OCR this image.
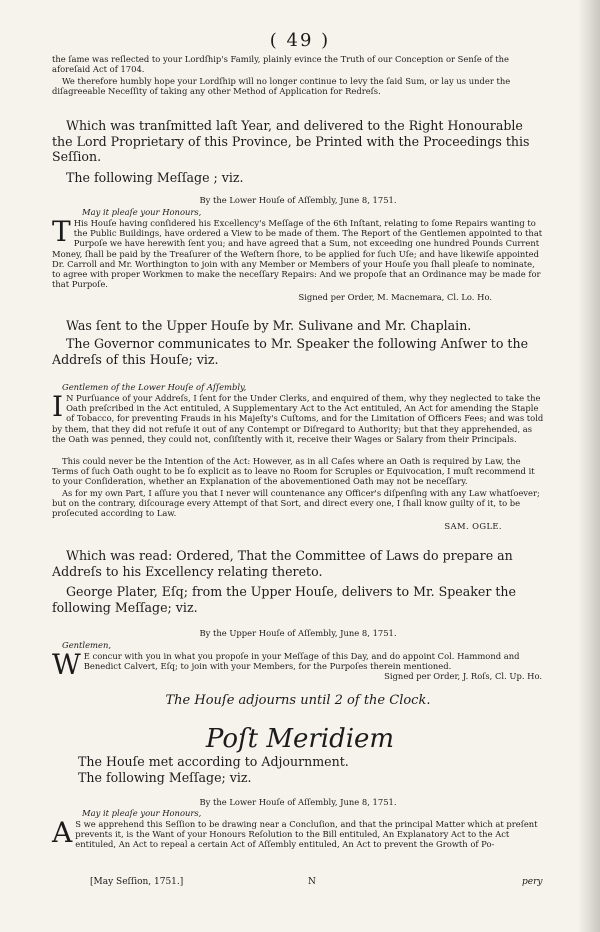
( 49 )

the ſame was reſlected to your Lordſhip's Family, plainly evince the Truth of our Conception or Senſe of the aforeſaid Act of 1704.

We therefore humbly hope your Lordſhip will no longer continue to levy the ſaid Sum, or lay us under the diſagreeable Neceſſity of taking any other Method of Application for Redreſs.

Which was tranſmitted laſt Year, and delivered to the Right Honourable the Lord Proprietary of this Province, be Printed with the Proceedings this Seſſion.

The following Meſſage ; viz.

By the Lower Houſe of Aſſembly, June 8, 1751.

May it pleaſe your Honours,

T His Houſe having conſidered his Excellency's Meſſage of the 6th Inſtant, relating to ſome Repairs wanting to the Public Buildings, have ordered a View to be made of them. The Report of the Gentlemen appointed to that Purpoſe we have herewith ſent you; and have agreed that a Sum, not exceeding one hundred Pounds Current Money, ſhall be paid by the Treaſurer of the Weſtern ſhore, to be applied for ſuch Uſe; and have likewiſe appointed Dr. Carroll and Mr. Worthington to join with any Member or Members of your Houſe you ſhall pleaſe to nominate, to agree with proper Workmen to make the neceſſary Repairs: And we propoſe that an Ordinance may be made for that Purpoſe.

Signed per Order, M. Macnemara, Cl. Lo. Ho.

Was ſent to the Upper Houſe by Mr. Sulivane and Mr. Chaplain.

The Governor communicates to Mr. Speaker the following Anſwer to the Addreſs of this Houſe; viz.

Gentlemen of the Lower Houſe of Aſſembly,

I N Purſuance of your Addreſs, I ſent for the Under Clerks, and enquired of them, why they neglected to take the Oath preſcribed in the Act entituled, A Supplementary Act to the Act entituled, An Act for amending the Staple of Tobacco, for preventing Frauds in his Majeſty's Cuſtoms, and for the Limitation of Officers Fees; and was told by them, that they did not refuſe it out of any Contempt or Diſregard to Authority; but that they apprehended, as the Oath was penned, they could not, conſiſtently with it, receive their Wages or Salary from their Principals.

This could never be the Intention of the Act: However, as in all Caſes where an Oath is required by Law, the Terms of ſuch Oath ought to be ſo explicit as to leave no Room for Scruples or Equivocation, I muſt recommend it to your Conſideration, whether an Explanation of the abovementioned Oath may not be neceſſary.

As for my own Part, I aſſure you that I never will countenance any Officer's diſpenſing with any Law whatſoever; but on the contrary, diſcourage every Attempt of that Sort, and direct every one, I ſhall know guilty of it, to be proſecuted according to Law.

SAM. OGLE.

Which was read: Ordered, That the Committee of Laws do prepare an Addreſs to his Excellency relating thereto.

George Plater, Eſq; from the Upper Houſe, delivers to Mr. Speaker the following Meſſage; viz.

By the Upper Houſe of Aſſembly, June 8, 1751.

Gentlemen,

W E concur with you in what you propoſe in your Meſſage of this Day, and do appoint Col. Hammond and Benedict Calvert, Eſq; to join with your Members, for the Purpoſes therein mentioned.

Signed per Order, J. Roſs, Cl. Up. Ho.

The Houſe adjourns until 2 of the Clock.

Poſt Meridiem

The Houſe met according to Adjournment.

The following Meſſage; viz.

By the Lower Houſe of Aſſembly, June 8, 1751.

May it pleaſe your Honours,

A S we apprehend this Seſſion to be drawing near a Concluſion, and that the principal Matter which at preſent prevents it, is the Want of your Honours Reſolution to the Bill entituled, An Explanatory Act to the Act entituled, An Act to repeal a certain Act of Aſſembly entituled, An Act to prevent the Growth of Po-
[May Seſſion, 1751.]	N	pery
